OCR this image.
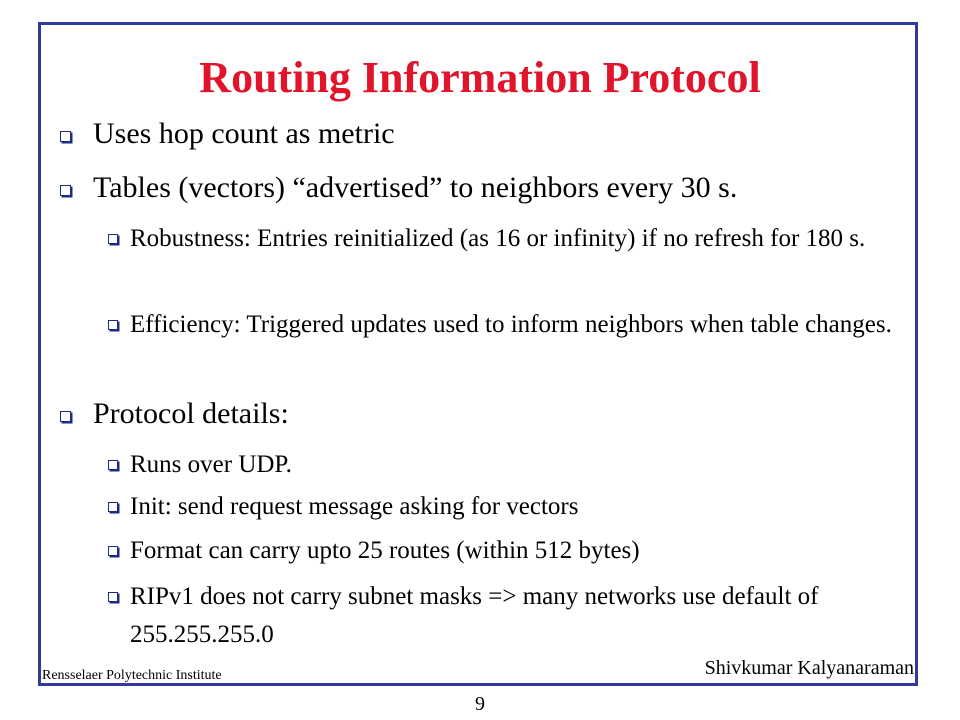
Routing Information Protocol
Uses hop count as metric
Tables (vectors) “advertised” to neighbors every 30 s.
Robustness: Entries reinitialized (as 16 or infinity) if no refresh for 180 s.
Efficiency: Triggered updates used to inform neighbors when table changes.
Protocol details:
Runs over UDP.
Init: send request message asking for vectors
Format can carry upto 25 routes (within 512 bytes)
RIPv1 does not carry subnet masks => many networks use default of 255.255.255.0
Rensselaer Polytechnic Institute	Shivkumar Kalyanaraman
9
